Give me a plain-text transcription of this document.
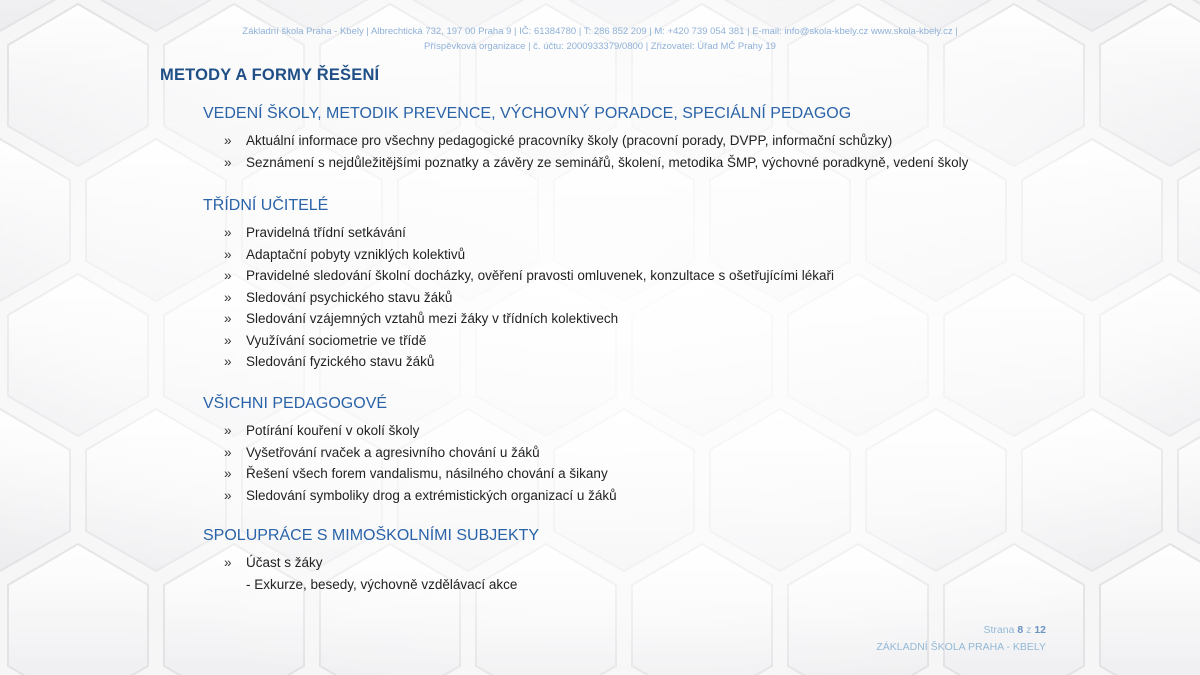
Základní škola Praha - Kbely | Albrechtická 732, 197 00 Praha 9 | IČ: 61384780 | T: 286 852 209 | M: +420 739 054 381 | E-mail: info@skola-kbely.cz www.skola-kbely.cz |
Příspěvková organizace | č. účtu: 2000933379/0800 | Zřizovatel: Úřad MČ Prahy 19
METODY A FORMY ŘEŠENÍ
VEDENÍ ŠKOLY, METODIK PREVENCE, VÝCHOVNÝ PORADCE, SPECIÁLNÍ PEDAGOG
» Aktuální informace pro všechny pedagogické pracovníky školy (pracovní porady, DVPP, informační schůzky)
» Seznámení s nejdůležitějšími poznatky a závěry ze seminářů, školení, metodika ŠMP, výchovné poradkyně, vedení školy
TŘÍDNÍ UČITELÉ
» Pravidelná třídní setkávání
» Adaptační pobyty vzniklých kolektivů
» Pravidelné sledování školní docházky, ověření pravosti omluvenek, konzultace s ošetřujícími lékaři
» Sledování psychického stavu žáků
» Sledování vzájemných vztahů mezi žáky v třídních kolektivech
» Využívání sociometrie ve třídě
» Sledování fyzického stavu žáků
VŠICHNI PEDAGOGOVÉ
» Potírání kouření v okolí školy
» Vyšetřování rvaček a agresivního chování u žáků
» Řešení všech forem vandalismu, násilného chování a šikany
» Sledování symboliky drog a extrémistických organizací u žáků
SPOLUPRÁCE S MIMOŠKOLNÍMI SUBJEKTY
» Účast s žáky
- Exkurze, besedy, výchovně vzdělávací akce
Strana 8 z 12
ZÁKLADNÍ ŠKOLA PRAHA - KBELY
